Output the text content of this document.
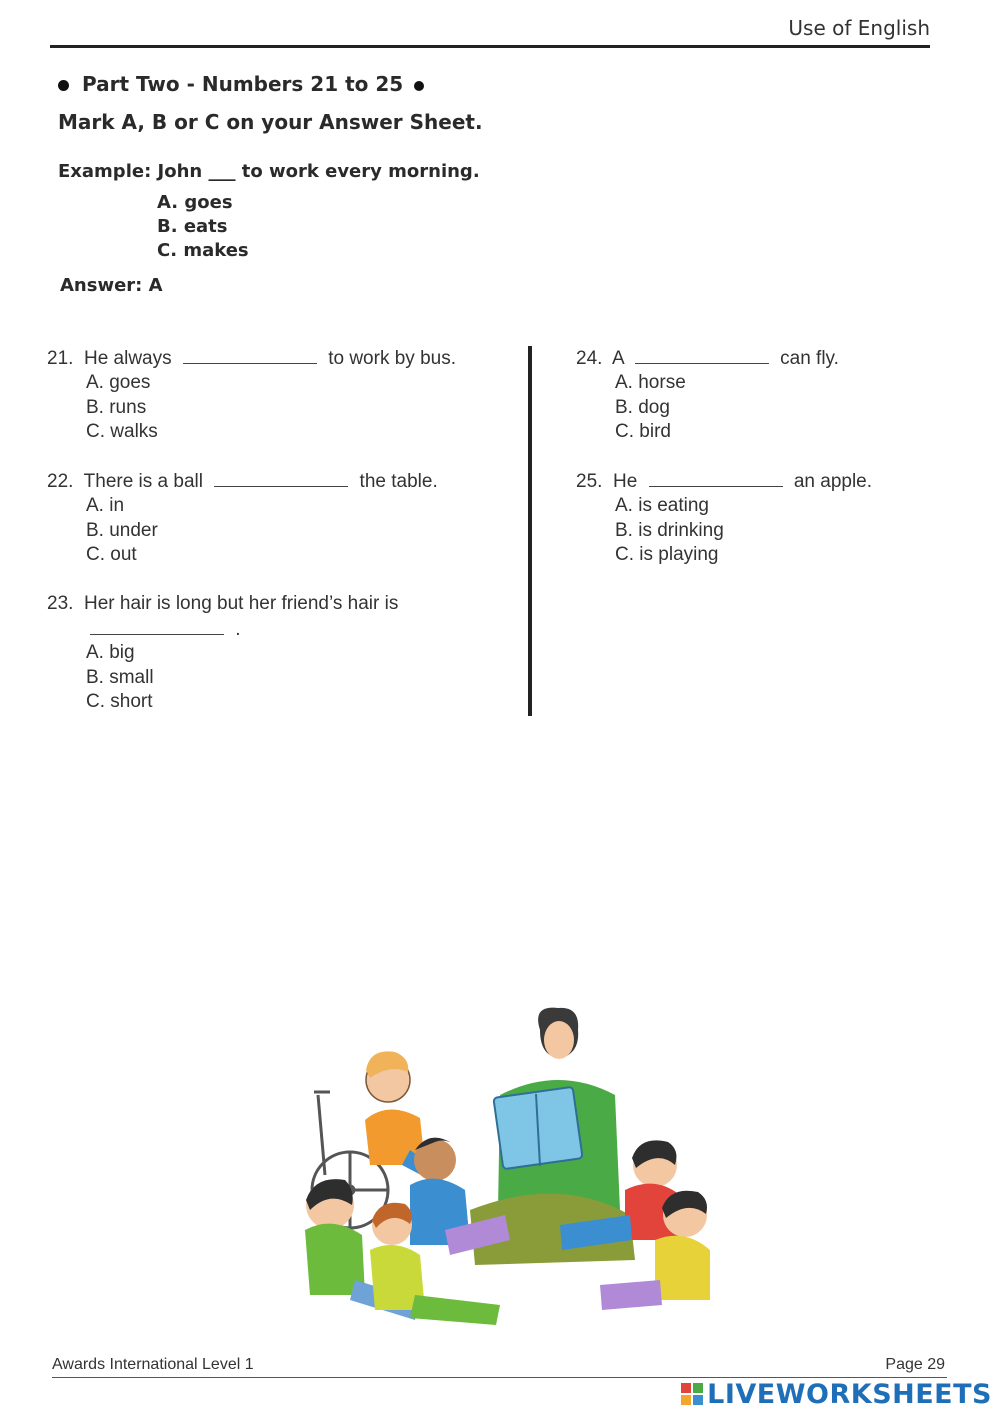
Use of English
Part Two - Numbers 21 to 25
Mark A, B or C on your Answer Sheet.
Example: John ___ to work every morning.
A. goes
B. eats
C. makes
Answer: A
21. He always	to work by bus.
A. goes
B. runs
C. walks
22. There is a ball	the table.
A. in
B. under
C. out
23. Her hair is long but her friend’s hair is
.
A. big
B. small
C. short
24. A	can fly.
A. horse
B. dog
C. bird
25. He	an apple.
A. is eating
B. is drinking
C. is playing
Awards International Level 1	Page 29
LIVEWORKSHEETS
